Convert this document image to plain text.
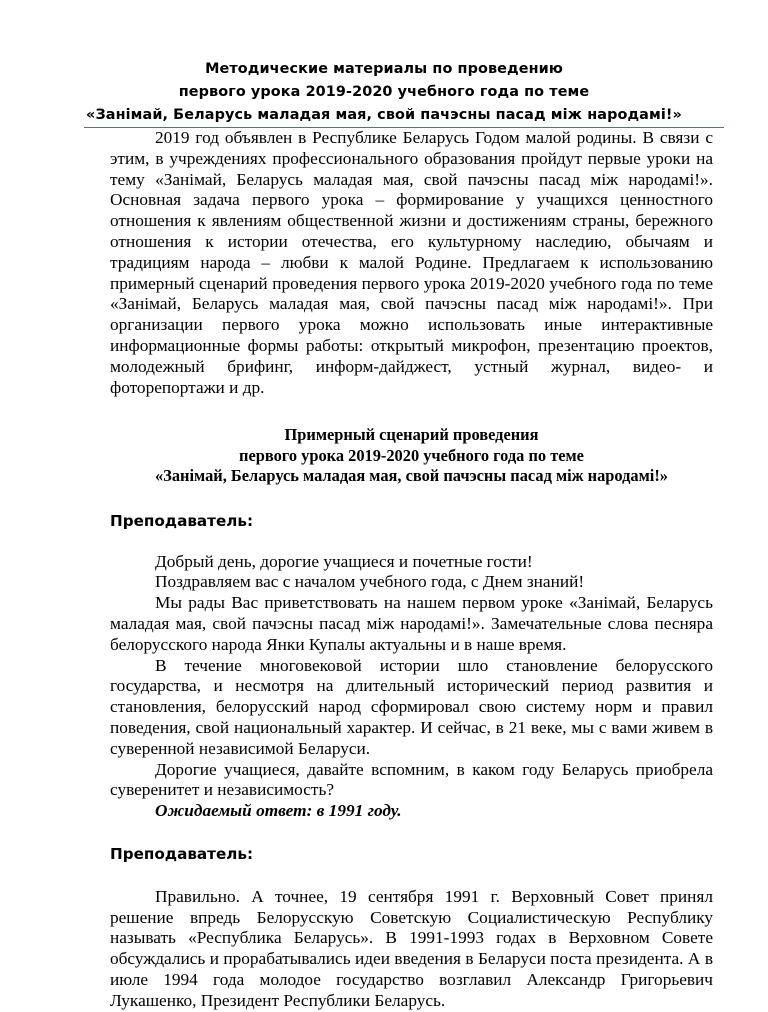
Методические материалы по проведению
первого урока 2019-2020 учебного года по теме
«Занiмай, Беларусь маладая мая, свой пачэсны пасад мiж народамi!»

2019 год объявлен в Республике Беларусь Годом малой родины. В связи с этим, в учреждениях профессионального образования пройдут первые уроки на тему «Занімай, Беларусь маладая мая, свой пачэсны пасад між народамі!». Основная задача первого урока – формирование у учащихся ценностного отношения к явлениям общественной жизни и достижениям страны, бережного отношения к истории отечества, его культурному наследию, обычаям и традициям народа – любви к малой Родине. Предлагаем к использованию примерный сценарий проведения первого урока 2019-2020 учебного года по теме «Занімай, Беларусь маладая мая, свой пачэсны пасад між народамі!». При организации первого урока можно использовать иные интерактивные информационные формы работы: открытый микрофон, презентацию проектов, молодежный брифинг, информ-дайджест, устный журнал, видео- и фоторепортажи и др.

Примерный сценарий проведения
первого урока 2019-2020 учебного года по теме
«Занiмай, Беларусь маладая мая, свой пачэсны пасад мiж народамi!»

Преподаватель:

Добрый день, дорогие учащиеся и почетные гости!

Поздравляем вас с началом учебного года, с Днем знаний!

Мы рады Вас приветствовать на нашем первом уроке «Занімай, Беларусь маладая мая, свой пачэсны пасад між народамі!». Замечательные слова песняра белорусского народа Янки Купалы актуальны и в наше время.

В течение многовековой истории шло становление белорусского государства, и несмотря на длительный исторический период развития и становления, белорусский народ сформировал свою систему норм и правил поведения, свой национальный характер. И сейчас, в 21 веке, мы с вами живем в суверенной независимой Беларуси.

Дорогие учащиеся, давайте вспомним, в каком году Беларусь приобрела суверенитет и независимость?

Ожидаемый ответ: в 1991 году.

Преподаватель:

Правильно. А точнее, 19 сентября 1991 г. Верховный Совет принял решение впредь Белорусскую Советскую Социалистическую Республику называть «Республика Беларусь». В 1991-1993 годах в Верховном Совете обсуждались и прорабатывались идеи введения в Беларуси поста президента. А в июле 1994 года молодое государство возглавил Александр Григорьевич Лукашенко, Президент Республики Беларусь.
